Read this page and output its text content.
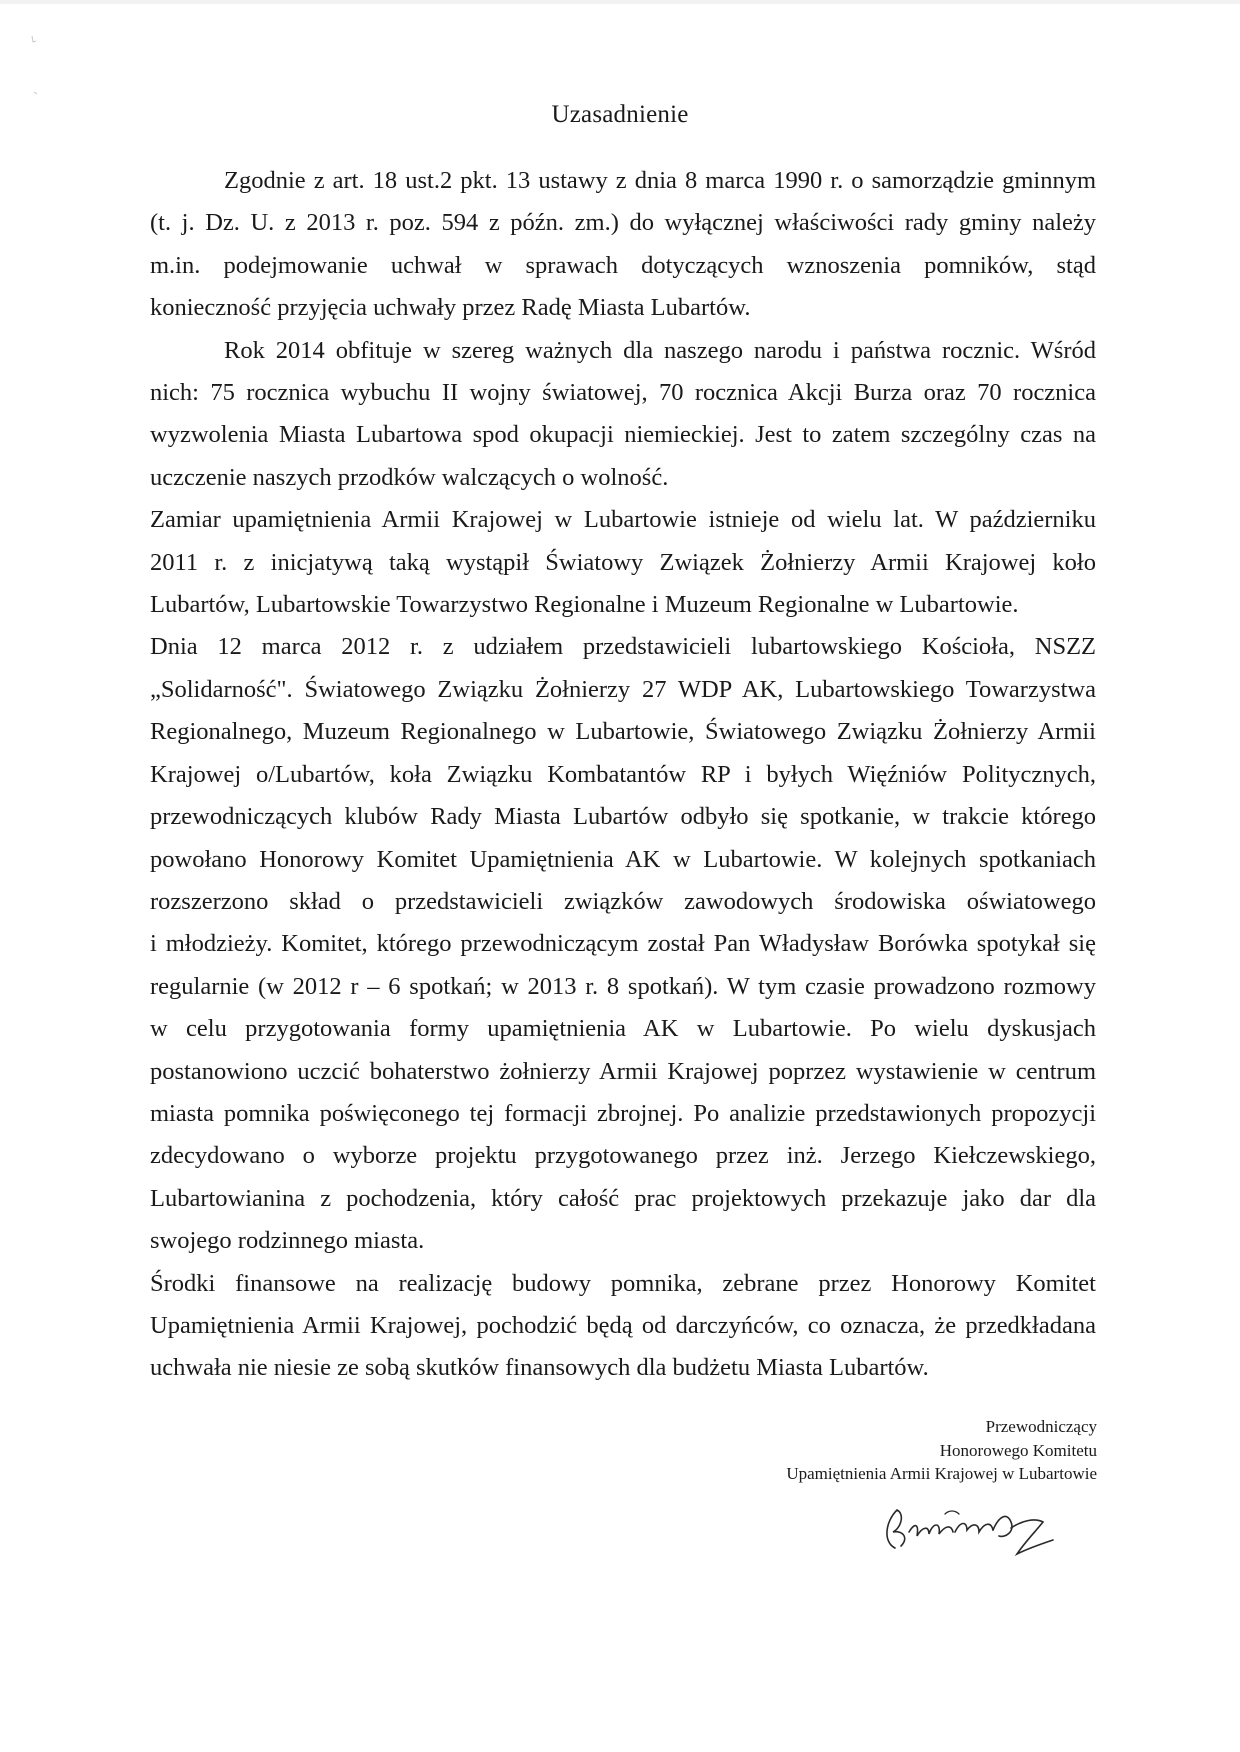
Uzasadnienie

Zgodnie z art. 18 ust.2 pkt. 13 ustawy z dnia 8 marca 1990 r. o samorządzie gminnym

(t. j. Dz. U. z 2013 r. poz. 594 z późn. zm.) do wyłącznej właściwości rady gminy należy

m.in. podejmowanie uchwał w sprawach dotyczących wznoszenia pomników, stąd

konieczność przyjęcia uchwały przez Radę Miasta Lubartów.

Rok 2014 obfituje w szereg ważnych dla naszego narodu i państwa rocznic. Wśród

nich: 75 rocznica wybuchu II wojny światowej, 70 rocznica Akcji Burza oraz 70 rocznica

wyzwolenia Miasta Lubartowa spod okupacji niemieckiej. Jest to zatem szczególny czas na

uczczenie naszych przodków walczących o wolność.

Zamiar upamiętnienia Armii Krajowej w Lubartowie istnieje od wielu lat. W październiku

2011 r. z inicjatywą taką wystąpił Światowy Związek Żołnierzy Armii Krajowej koło

Lubartów, Lubartowskie Towarzystwo Regionalne i Muzeum Regionalne w Lubartowie.

Dnia 12 marca 2012 r. z udziałem przedstawicieli lubartowskiego Kościoła, NSZZ

„Solidarność". Światowego Związku Żołnierzy 27 WDP AK, Lubartowskiego Towarzystwa

Regionalnego, Muzeum Regionalnego w Lubartowie, Światowego Związku Żołnierzy Armii

Krajowej o/Lubartów, koła Związku Kombatantów RP i byłych Więźniów Politycznych,

przewodniczących klubów Rady Miasta Lubartów odbyło się spotkanie, w trakcie którego

powołano Honorowy Komitet Upamiętnienia AK w Lubartowie. W kolejnych spotkaniach

rozszerzono skład o przedstawicieli związków zawodowych środowiska oświatowego

i młodzieży. Komitet, którego przewodniczącym został Pan Władysław Borówka spotykał się

regularnie (w 2012 r – 6 spotkań; w 2013 r. 8 spotkań). W tym czasie prowadzono rozmowy

w celu przygotowania formy upamiętnienia AK w Lubartowie. Po wielu dyskusjach

postanowiono uczcić bohaterstwo żołnierzy Armii Krajowej poprzez wystawienie w centrum

miasta pomnika poświęconego tej formacji zbrojnej. Po analizie przedstawionych propozycji

zdecydowano o wyborze projektu przygotowanego przez inż. Jerzego Kiełczewskiego,

Lubartowianina z pochodzenia, który całość prac projektowych przekazuje jako dar dla

swojego rodzinnego miasta.

Środki finansowe na realizację budowy pomnika, zebrane przez Honorowy Komitet

Upamiętnienia Armii Krajowej, pochodzić będą od darczyńców, co oznacza, że przedkładana

uchwała nie niesie ze sobą skutków finansowych dla budżetu Miasta Lubartów.

Przewodniczący

Honorowego Komitetu

Upamiętnienia Armii Krajowej w Lubartowie
